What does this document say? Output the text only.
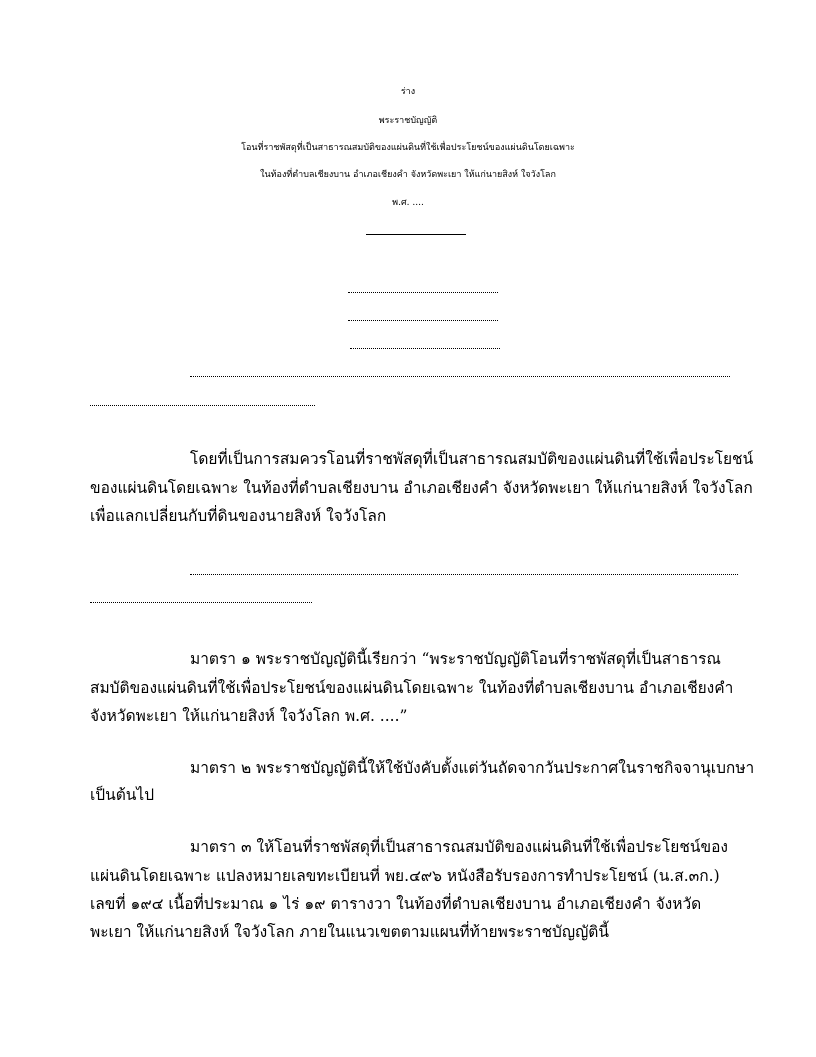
ร่าง
พระราชบัญญัติ
โอนที่ราชพัสดุที่เป็นสาธารณสมบัติของแผ่นดินที่ใช้เพื่อประโยชน์ของแผ่นดินโดยเฉพาะ
ในท้องที่ตำบลเชียงบาน อำเภอเชียงคำ จังหวัดพะเยา ให้แก่นายสิงห์ ใจวังโลก
พ.ศ. ....
โดยที่เป็นการสมควรโอนที่ราชพัสดุที่เป็นสาธารณสมบัติของแผ่นดินที่ใช้เพื่อประโยชน์
ของแผ่นดินโดยเฉพาะ ในท้องที่ตำบลเชียงบาน อำเภอเชียงคำ จังหวัดพะเยา ให้แก่นายสิงห์ ใจวังโลก
เพื่อแลกเปลี่ยนกับที่ดินของนายสิงห์ ใจวังโลก
มาตรา ๑ พระราชบัญญัตินี้เรียกว่า “พระราชบัญญัติโอนที่ราชพัสดุที่เป็นสาธารณ
สมบัติของแผ่นดินที่ใช้เพื่อประโยชน์ของแผ่นดินโดยเฉพาะ ในท้องที่ตำบลเชียงบาน อำเภอเชียงคำ
จังหวัดพะเยา ให้แก่นายสิงห์ ใจวังโลก พ.ศ. ....”
มาตรา ๒ พระราชบัญญัตินี้ให้ใช้บังคับตั้งแต่วันถัดจากวันประกาศในราชกิจจานุเบกษา
เป็นต้นไป
มาตรา ๓ ให้โอนที่ราชพัสดุที่เป็นสาธารณสมบัติของแผ่นดินที่ใช้เพื่อประโยชน์ของ
แผ่นดินโดยเฉพาะ แปลงหมายเลขทะเบียนที่ พย.๔๙๖ หนังสือรับรองการทำประโยชน์ (น.ส.๓ก.)
เลขที่ ๑๙๔ เนื้อที่ประมาณ ๑ ไร่ ๑๙ ตารางวา ในท้องที่ตำบลเชียงบาน อำเภอเชียงคำ จังหวัด
พะเยา ให้แก่นายสิงห์ ใจวังโลก ภายในแนวเขตตามแผนที่ท้ายพระราชบัญญัตินี้
